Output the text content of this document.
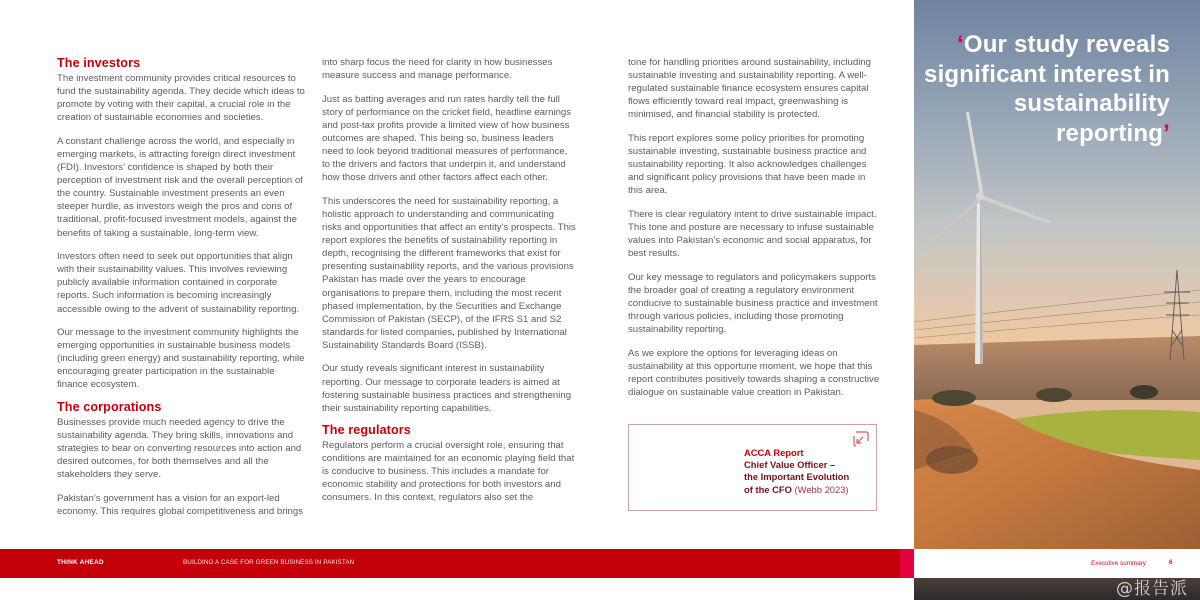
The investors

The investment community provides critical resources to fund the sustainability agenda. They decide which ideas to promote by voting with their capital, a crucial role in the creation of sustainable economies and societies.

A constant challenge across the world, and especially in emerging markets, is attracting foreign direct investment (FDI). Investors’ confidence is shaped by both their perception of investment risk and the overall perception of the country. Sustainable investment presents an even steeper hurdle, as investors weigh the pros and cons of traditional, profit-focused investment models, against the benefits of taking a sustainable, long-term view.

Investors often need to seek out opportunities that align with their sustainability values. This involves reviewing publicly available information contained in corporate reports. Such information is becoming increasingly accessible owing to the advent of sustainability reporting.

Our message to the investment community highlights the emerging opportunities in sustainable business models (including green energy) and sustainability reporting, while encouraging greater participation in the sustainable finance ecosystem.

The corporations

Businesses provide much needed agency to drive the sustainability agenda. They bring skills, innovations and strategies to bear on converting resources into action and desired outcomes, for both themselves and all the stakeholders they serve.

Pakistan’s government has a vision for an export-led economy. This requires global competitiveness and brings

into sharp focus the need for clarity in how businesses measure success and manage performance.

Just as batting averages and run rates hardly tell the full story of performance on the cricket field, headline earnings and post-tax profits provide a limited view of how business outcomes are shaped. This being so, business leaders need to look beyond traditional measures of performance, to the drivers and factors that underpin it, and understand how those drivers and other factors affect each other.

This underscores the need for sustainability reporting, a holistic approach to understanding and communicating risks and opportunities that affect an entity’s prospects. This report explores the benefits of sustainability reporting in depth, recognising the different frameworks that exist for presenting sustainability reports, and the various provisions Pakistan has made over the years to encourage organisations to prepare them, including the most recent phased implementation, by the Securities and Exchange Commission of Pakistan (SECP), of the IFRS S1 and S2 standards for listed companies, published by International Sustainability Standards Board (ISSB).

Our study reveals significant interest in sustainability reporting. Our message to corporate leaders is aimed at fostering sustainable business practices and strengthening their sustainability reporting capabilities.

The regulators

Regulators perform a crucial oversight role, ensuring that conditions are maintained for an economic playing field that is conducive to business. This includes a mandate for economic stability and protections for both investors and consumers. In this context, regulators also set the

tone for handling priorities around sustainability, including sustainable investing and sustainability reporting. A well-regulated sustainable finance ecosystem ensures capital flows efficiently toward real impact, greenwashing is minimised, and financial stability is protected.

This report explores some policy priorities for promoting sustainable investing, sustainable business practice and sustainability reporting. It also acknowledges challenges and significant policy provisions that have been made in this area.

There is clear regulatory intent to drive sustainable impact. This tone and posture are necessary to infuse sustainable values into Pakistan’s economic and social apparatus, for best results.

Our key message to regulators and policymakers supports the broader goal of creating a regulatory environment conducive to sustainable business practice and investment through various policies, including those promoting sustainability reporting.

As we explore the options for leveraging ideas on sustainability at this opportune moment, we hope that this report contributes positively towards shaping a constructive dialogue on sustainable value creation in Pakistan.

ACCA Report
Chief Value Officer –
the Important Evolution
of the CFO (Webb 2023)
THINK AHEAD	BUILDING A CASE FOR GREEN BUSINESS IN PAKISTAN
‘Our study reveals significant interest in sustainability reporting’
Executive summary	6
@报告派
